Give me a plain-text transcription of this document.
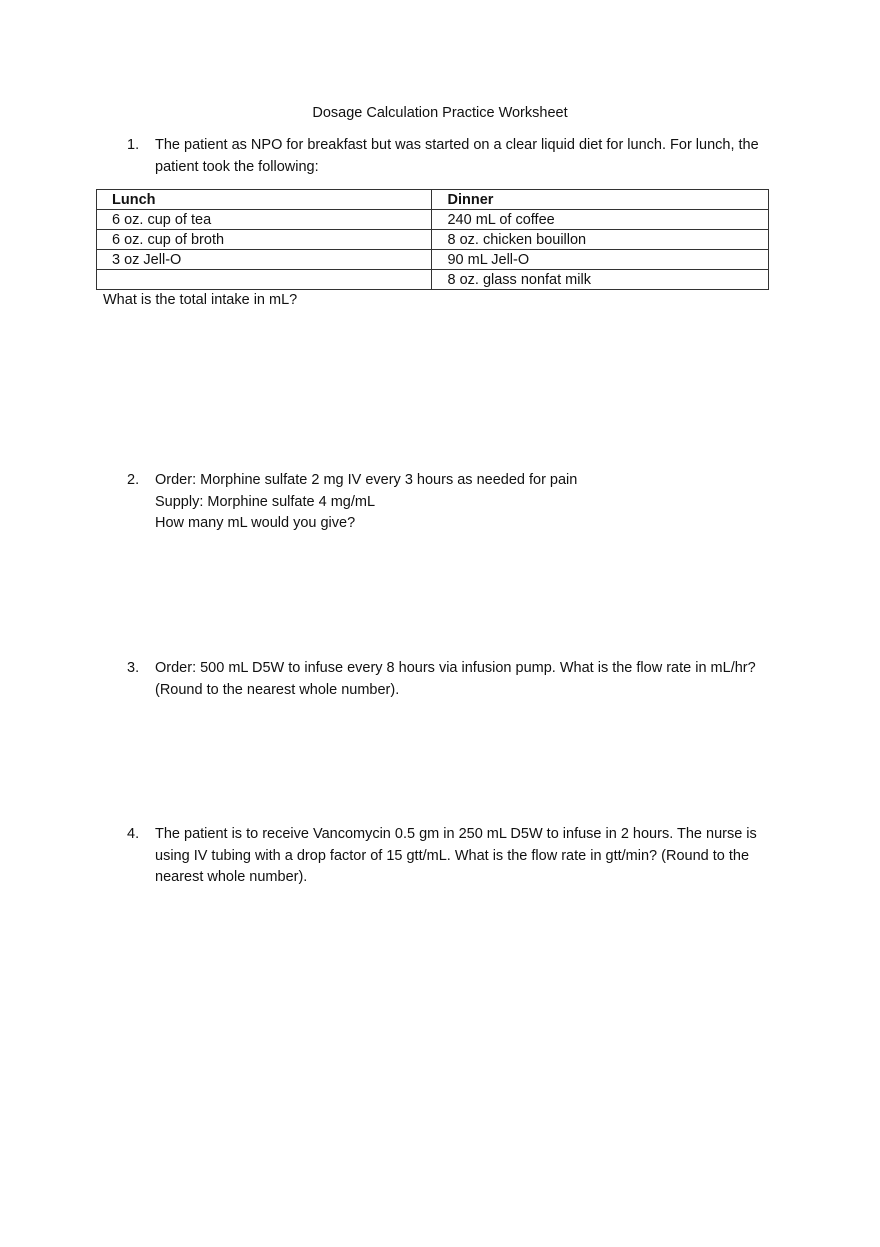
Dosage Calculation Practice Worksheet
1.	The patient as NPO for breakfast but was started on a clear liquid diet for lunch. For lunch, the
patient took the following:
Lunch	Dinner
6 oz. cup of tea	240 mL of coffee
6 oz. cup of broth	8 oz. chicken bouillon
3 oz Jell-O	90 mL Jell-O
	8 oz. glass nonfat milk
What is the total intake in mL?
2.	Order: Morphine sulfate 2 mg IV every 3 hours as needed for pain
Supply: Morphine sulfate 4 mg/mL
How many mL would you give?
3.	Order: 500 mL D5W to infuse every 8 hours via infusion pump. What is the flow rate in mL/hr?
(Round to the nearest whole number).
4.	The patient is to receive Vancomycin 0.5 gm in 250 mL D5W to infuse in 2 hours. The nurse is
using IV tubing with a drop factor of 15 gtt/mL. What is the flow rate in gtt/min? (Round to the
nearest whole number).
